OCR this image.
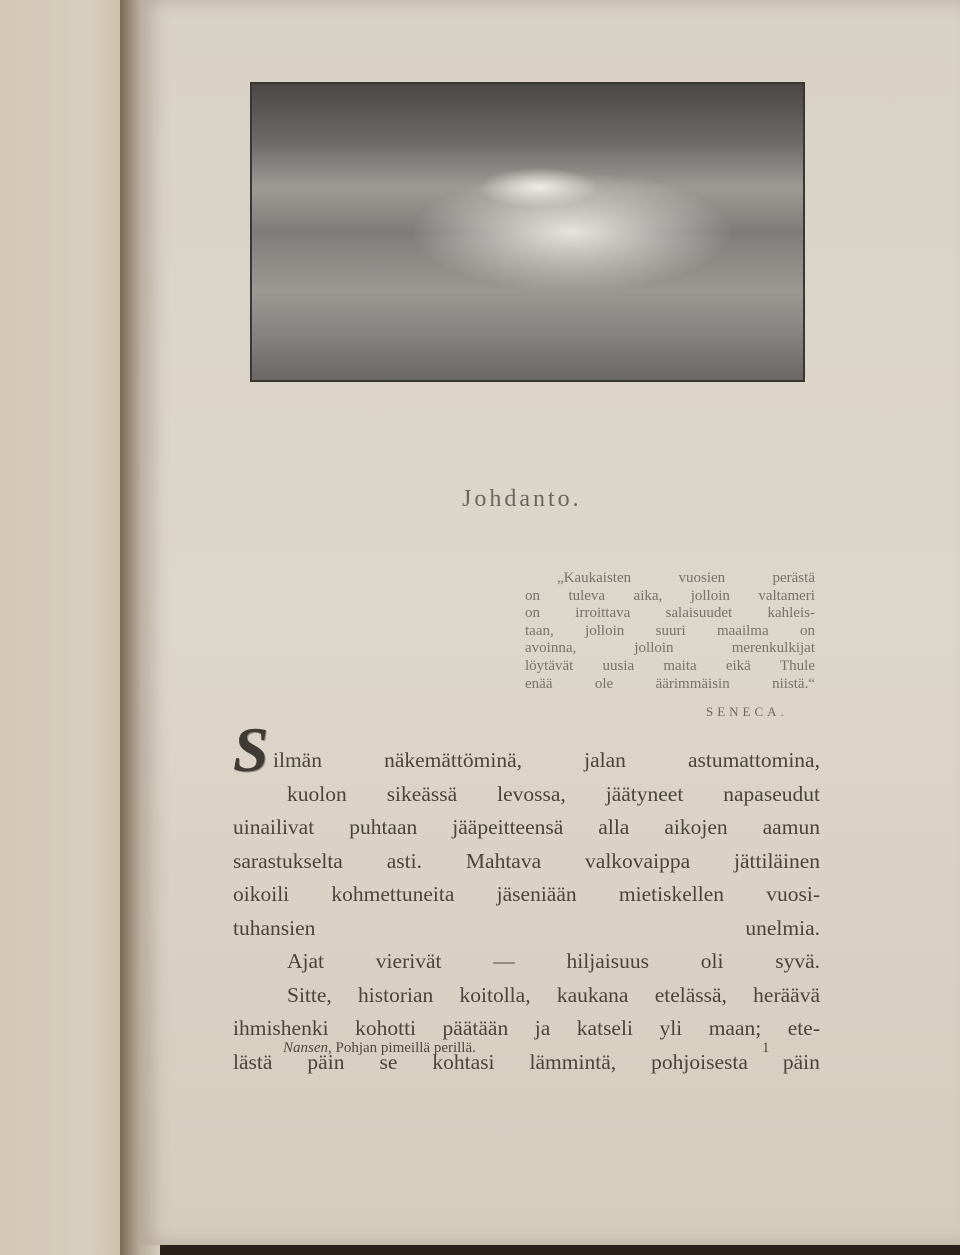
Johdanto.
„Kaukaisten	vuosien	perästä
on tuleva aika, jolloin valtameri
on irroittava salaisuudet kahleis-
taan, jolloin suuri maailma on
avoinna,	jolloin	merenkulkijat
löytävät uusia maita eikä Thule
enää	ole	äärimmäisin	niistä.“
SENECA.
S ilmän	näkemättöminä,	jalan	astumattomina,
kuolon sikeässä levossa, jäätyneet napaseudut
uinailivat puhtaan jääpeitteensä alla aikojen aamun
sarastukselta asti. Mahtava valkovaippa jättiläinen
oikoili kohmettuneita jäseniään mietiskellen vuosi-
tuhansien unelmia.
Ajat vierivät — hiljaisuus oli syvä.
Sitte, historian koitolla, kaukana etelässä, heräävä
ihmishenki kohotti päätään ja katseli yli maan; ete-
lästä päin se kohtasi lämmintä, pohjoisesta päin
Nansen, Pohjan pimeillä perillä.	1
